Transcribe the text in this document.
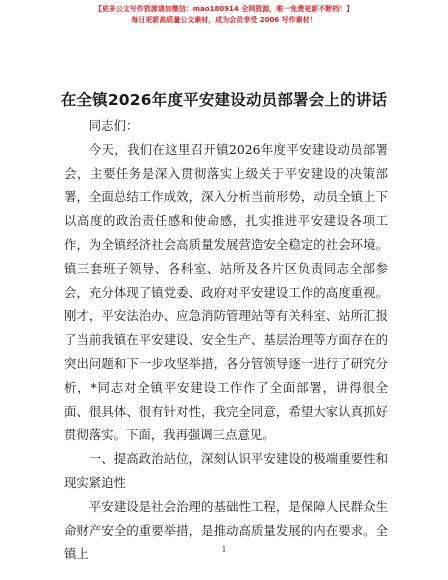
【更多公文写作资源请加微信：mao180914 全网资源，唯一免费更新不断档！】
每日更新高质量公文素材，成为会员享受 2006 写作素材！
在全镇2026年度平安建设动员部署会上的讲话

同志们：

今天，我们在这里召开镇2026年度平安建设动员部署会，主要任务是深入贯彻落实上级关于平安建设的决策部署，全面总结工作成效，深入分析当前形势，动员全镇上下以高度的政治责任感和使命感，扎实推进平安建设各项工作，为全镇经济社会高质量发展营造安全稳定的社会环境。镇三套班子领导、各科室、站所及各片区负责同志全部参会，充分体现了镇党委、政府对平安建设工作的高度重视。刚才，平安法治办、应急消防管理站等有关科室、站所汇报了当前我镇在平安建设、安全生产、基层治理等方面存在的突出问题和下一步攻坚举措，各分管领导逐一进行了研究分析，*同志对全镇平安建设工作作了全面部署，讲得很全面、很具体、很有针对性，我完全同意，希望大家认真抓好贯彻落实。下面，我再强调三点意见。

一、提高政治站位，深刻认识平安建设的极端重要性和现实紧迫性

平安建设是社会治理的基础性工程，是保障人民群众生命财产安全的重要举措，是推动高质量发展的内在要求。全镇上	1
